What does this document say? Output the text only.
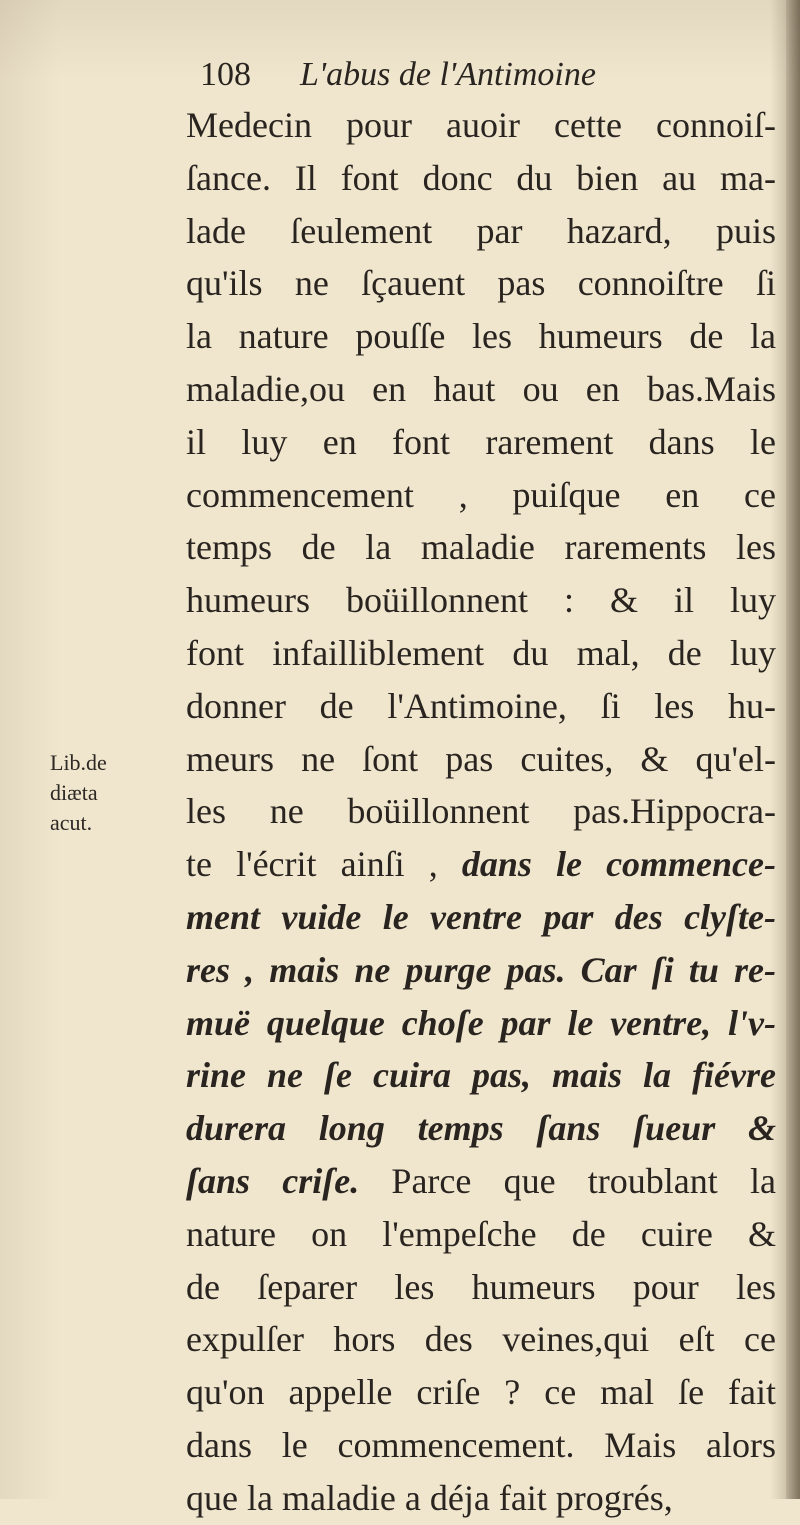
108 L'abus de l'Antimoine
Lib.de
diæta
acut.
Medecin pour auoir cette connoiſ-
ſance. Il font donc du bien au ma-
lade ſeulement par hazard, puis
qu'ils ne ſçauent pas connoiſtre ſi
la nature pouſſe les humeurs de la
maladie,ou en haut ou en bas.Mais
il luy en font rarement dans le
commencement , puiſque en ce
temps de la maladie rarements les
humeurs boüillonnent : & il luy
font infailliblement du mal, de luy
donner de l'Antimoine, ſi les hu-
meurs ne ſont pas cuites, & qu'el-
les ne boüillonnent pas.Hippocra-
te l'écrit ainſi , dans le commence-
ment vuide le ventre par des clyſte-
res , mais ne purge pas. Car ſi tu re-
muë quelque choſe par le ventre, l'v-
rine ne ſe cuira pas, mais la fiévre
durera long temps ſans ſueur &
ſans criſe. Parce que troublant la
nature on l'empeſche de cuire &
de ſeparer les humeurs pour les
expulſer hors des veines,qui eſt ce
qu'on appelle criſe ? ce mal ſe fait
dans le commencement. Mais alors
que la maladie a déja fait progrés,
